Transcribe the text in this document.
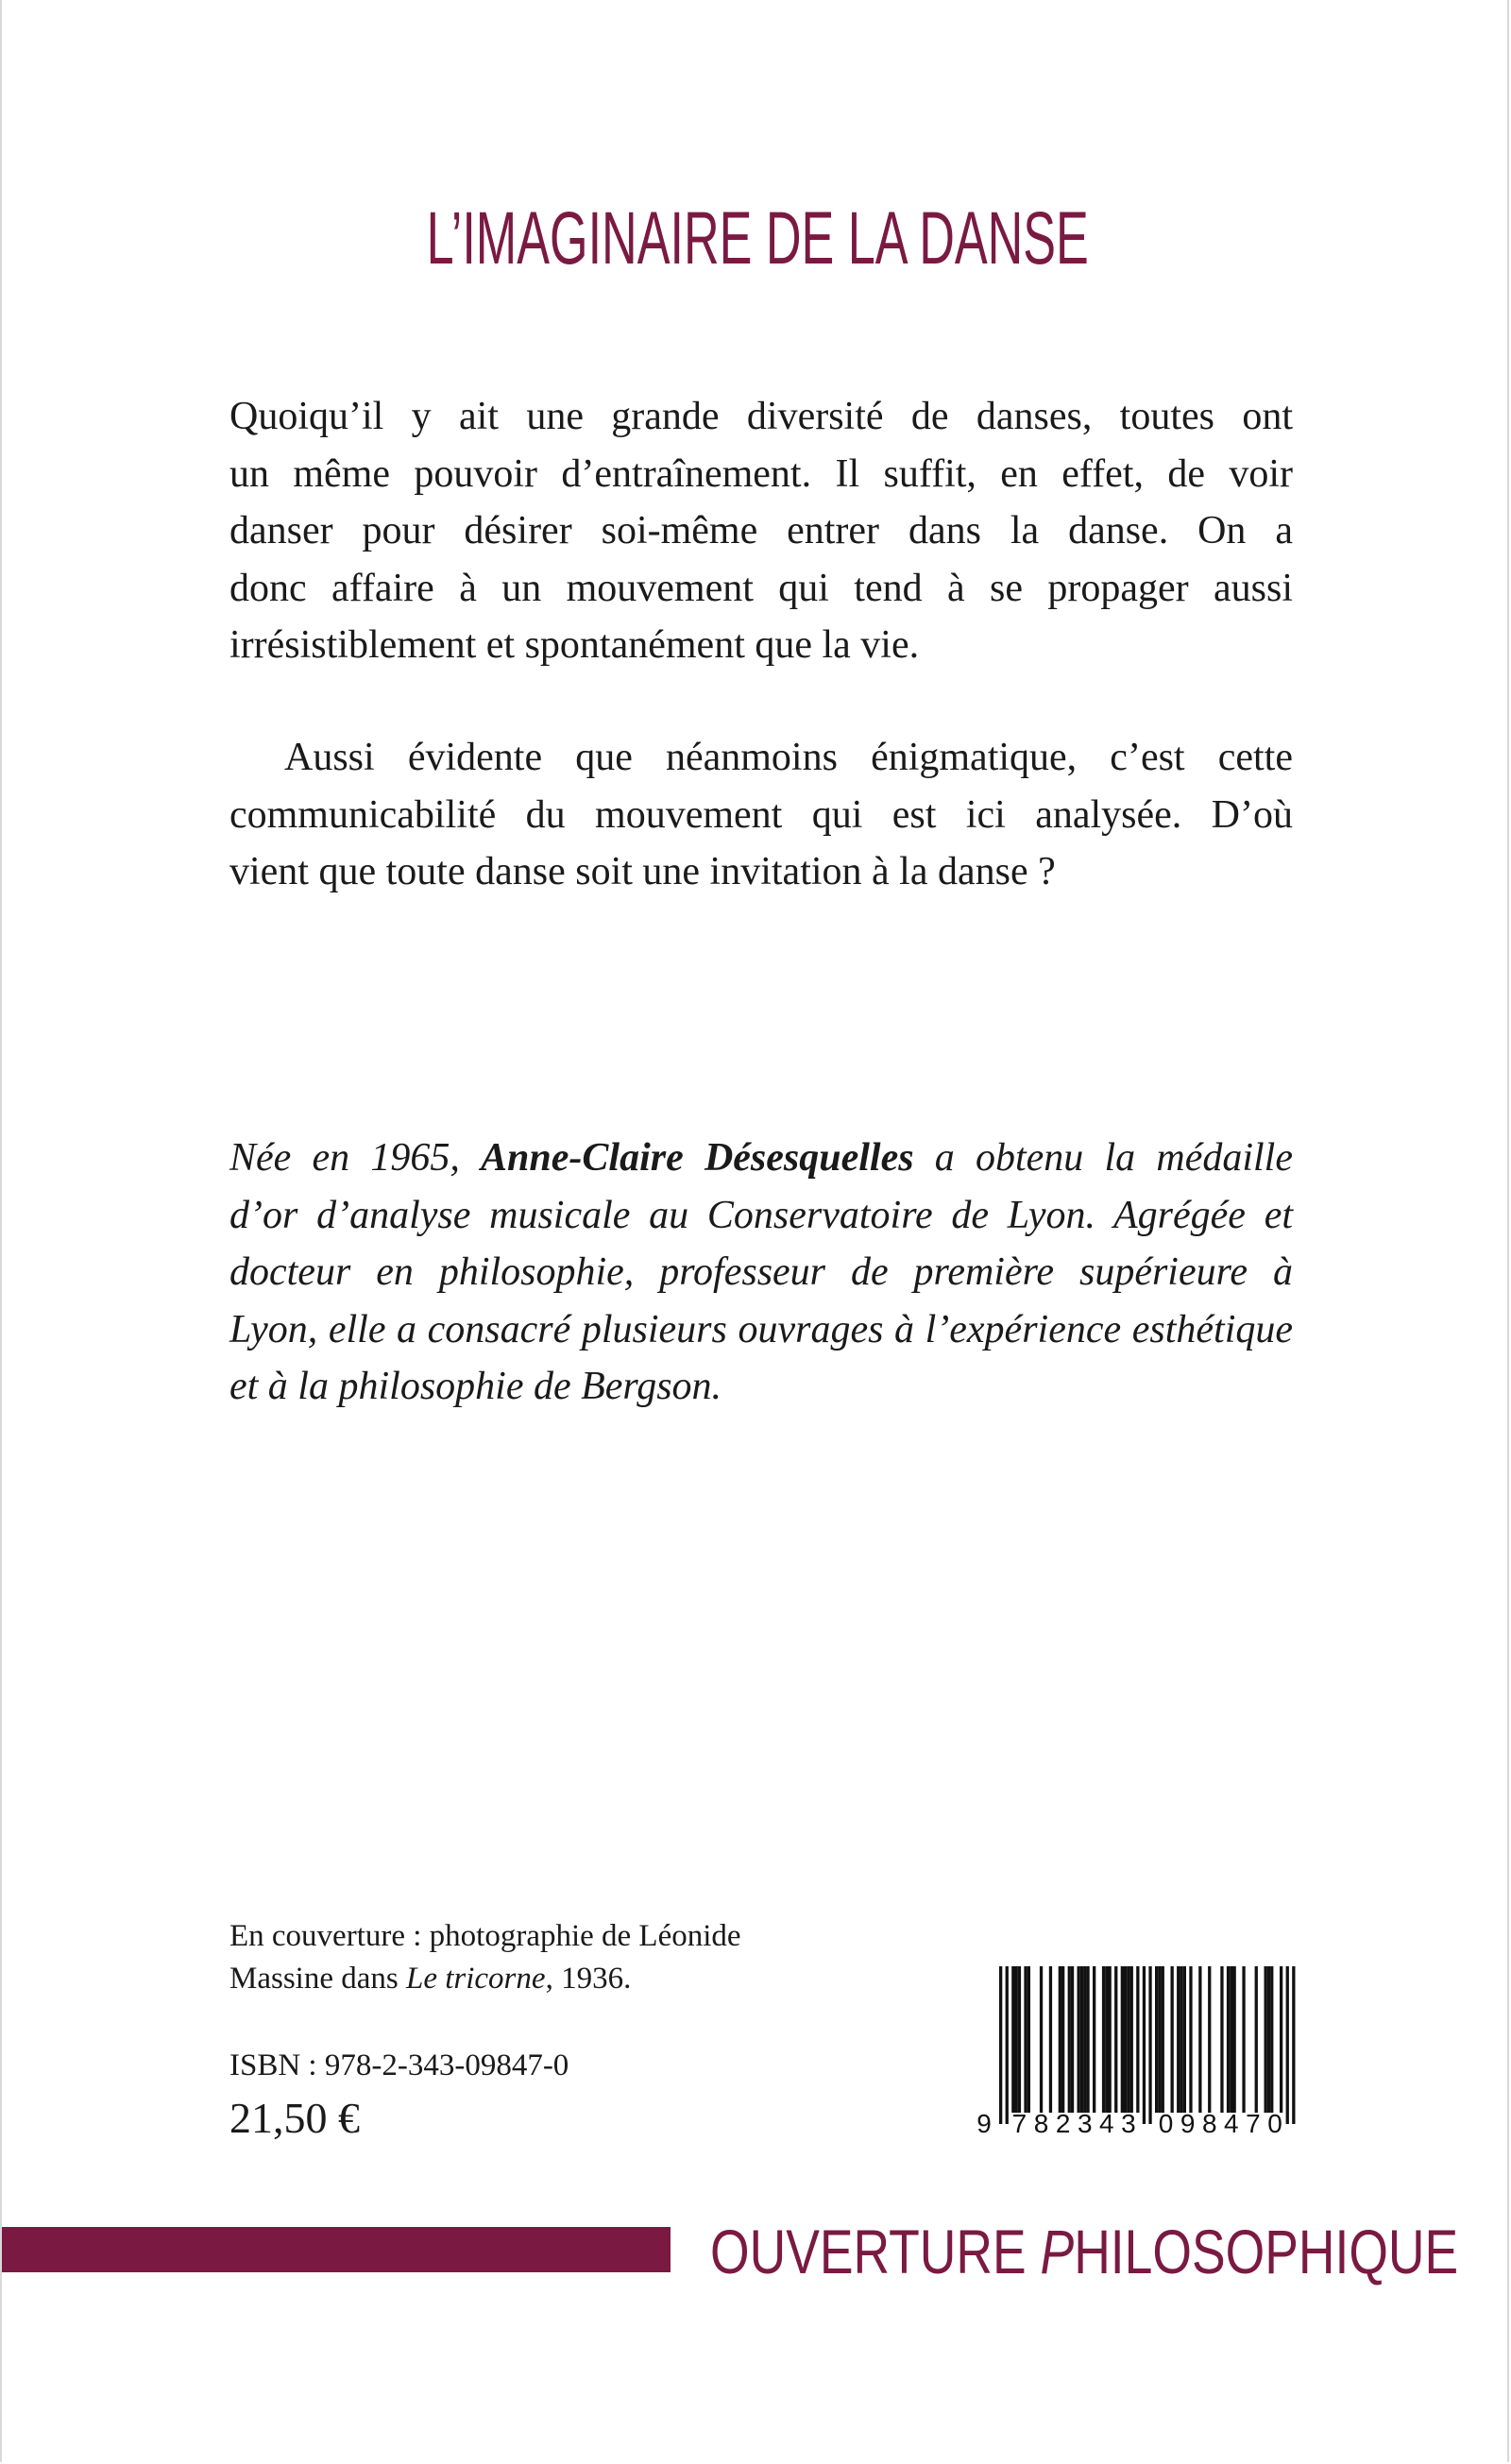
L’IMAGINAIRE DE LA DANSE
Quoiqu’il y ait une grande diversité de danses, toutes ont
un même pouvoir d’entraînement. Il suffit, en effet, de voir
danser pour désirer soi-même entrer dans la danse. On a
donc affaire à un mouvement qui tend à se propager aussi
irrésistiblement et spontanément que la vie.
Aussi évidente que néanmoins énigmatique, c’est cette
communicabilité du mouvement qui est ici analysée. D’où
vient que toute danse soit une invitation à la danse ?
Née en 1965, Anne-Claire Désesquelles a obtenu la médaille
d’or d’analyse musicale au Conservatoire de Lyon. Agrégée et
docteur en philosophie, professeur de première supérieure à
Lyon, elle a consacré plusieurs ouvrages à l’expérience esthétique
et à la philosophie de Bergson.
En couverture : photographie de Léonide
Massine dans Le tricorne, 1936.
ISBN : 978-2-343-09847-0
21,50 €	9 7 8 2 3 4 3 0 9 8 4 7 0
OUVERTURE PHILOSOPHIQUE
